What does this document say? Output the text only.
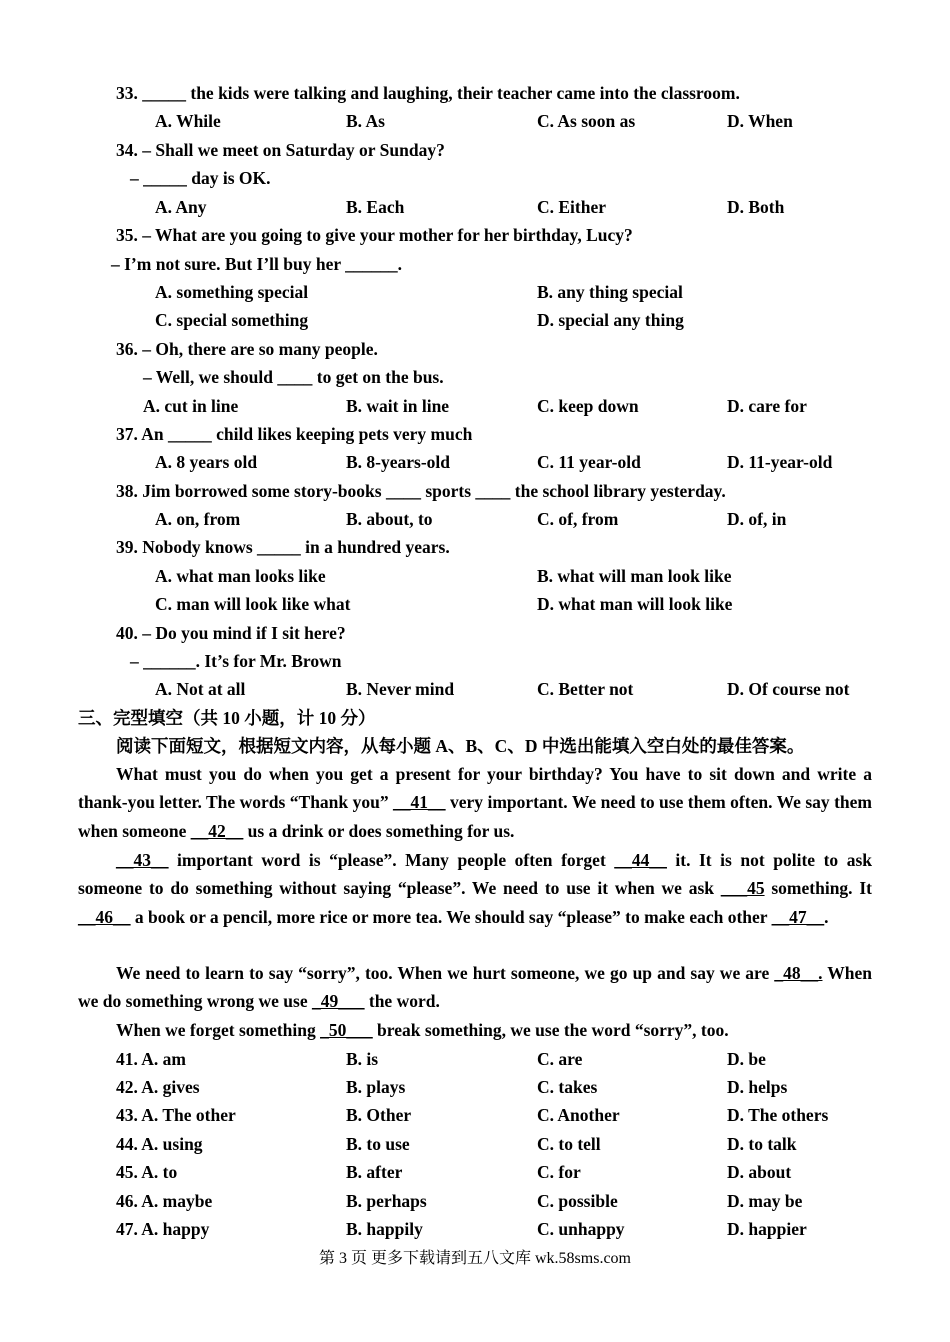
33. _____ the kids were talking and laughing, their teacher came into the classroom.
A. While	B. As	C. As soon as	D. When
34. – Shall we meet on Saturday or Sunday?
– _____ day is OK.
A. Any	B. Each	C. Either	D. Both
35. – What are you going to give your mother for her birthday, Lucy?
– I’m not sure. But I’ll buy her ______.
A. something special	B. any thing special
C. special something	D. special any thing
36. – Oh, there are so many people.
– Well, we should ____ to get on the bus.
A. cut in line	B. wait in line	C. keep down	D. care for
37. An _____ child likes keeping pets very much
A. 8 years old	B. 8-years-old	C. 11 year-old	D. 11-year-old
38. Jim borrowed some story-books ____ sports ____ the school library yesterday.
A. on, from	B. about, to	C. of, from	D. of, in
39. Nobody knows _____ in a hundred years.
A. what man looks like	B. what will man look like
C. man will look like what	D. what man will look like
40. – Do you mind if I sit here?
– ______. It’s for Mr. Brown
A. Not at all	B. Never mind	C. Better not	D. Of course not
三、完型填空（共 10 小题，计 10 分）
阅读下面短文，根据短文内容，从每小题 A、B、C、D 中选出能填入空白处的最佳答案。
What must you do when you get a present for your birthday? You have to sit down and write a thank-you letter. The words “Thank you” __41__ very important. We need to use them often. We say them when someone __42__ us a drink or does something for us.
__43__ important word is “please”. Many people often forget __44__ it. It is not polite to ask someone to do something without saying “please”. We need to use it when we ask ___45 something. It __46__ a book or a pencil, more rice or more tea. We should say “please” to make each other __47__.
We need to learn to say “sorry”, too. When we hurt someone, we go up and say we are _48__. When we do something wrong we use _49___ the word.
When we forget something _50___ break something, we use the word “sorry”, too.
41. A. am	B. is	C. are	D. be
42. A. gives	B. plays	C. takes	D. helps
43. A. The other	B. Other	C. Another	D. The others
44. A. using	B. to use	C. to tell	D. to talk
45. A. to	B. after	C. for	D. about
46. A. maybe	B. perhaps	C. possible	D. may be
47. A. happy	B. happily	C. unhappy	D. happier
第 3 页 更多下载请到五八文库 wk.58sms.com
